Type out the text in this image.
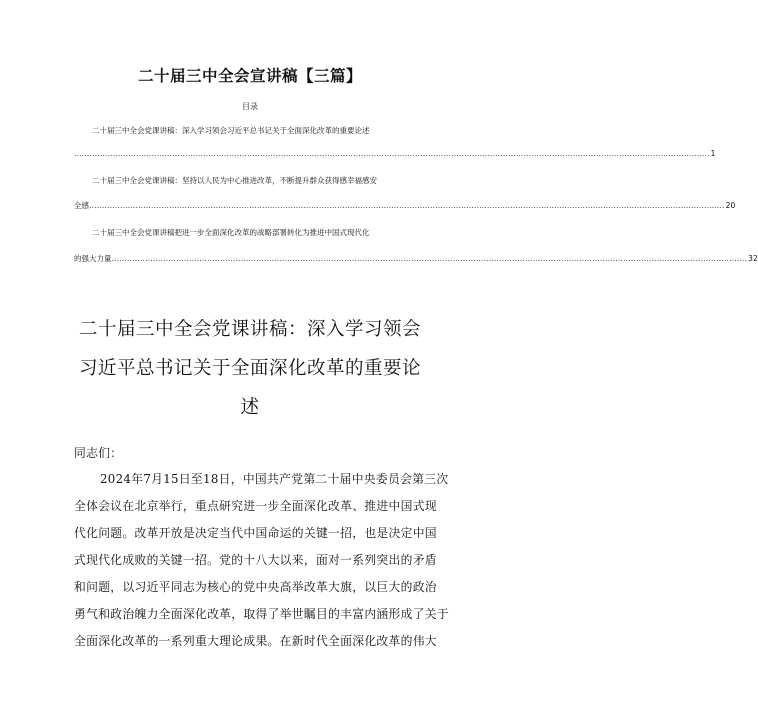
二十届三中全会宣讲稿【三篇】
目录
二十届三中全会党课讲稿：深入学习领会习近平总书记关于全面深化改革的重要论述
...................................................................................................................................................................................................................................................... 1
二十届三中全会党课讲稿：坚持以人民为中心推进改革，不断提升群众获得感幸福感安
全感 ...................................................................................................................................................................................................................................................... 20
二十届三中全会党课讲稿把进一步全面深化改革的战略部署转化为推进中国式现代化
的强大力量 ...................................................................................................................................................................................................................................................... 32
二十届三中全会党课讲稿：深入学习领会
习近平总书记关于全面深化改革的重要论
述
同志们：
2024年7月15日至18日，中国共产党第二十届中央委员会第三次
全体会议在北京举行，重点研究进一步全面深化改革、推进中国式现
代化问题。改革开放是决定当代中国命运的关键一招，也是决定中国
式现代化成败的关键一招。党的十八大以来，面对一系列突出的矛盾
和问题，以习近平同志为核心的党中央高举改革大旗，以巨大的政治
勇气和政治魄力全面深化改革，取得了举世瞩目的丰富内涵形成了关于
全面深化改革的一系列重大理论成果。在新时代全面深化改革的伟大
